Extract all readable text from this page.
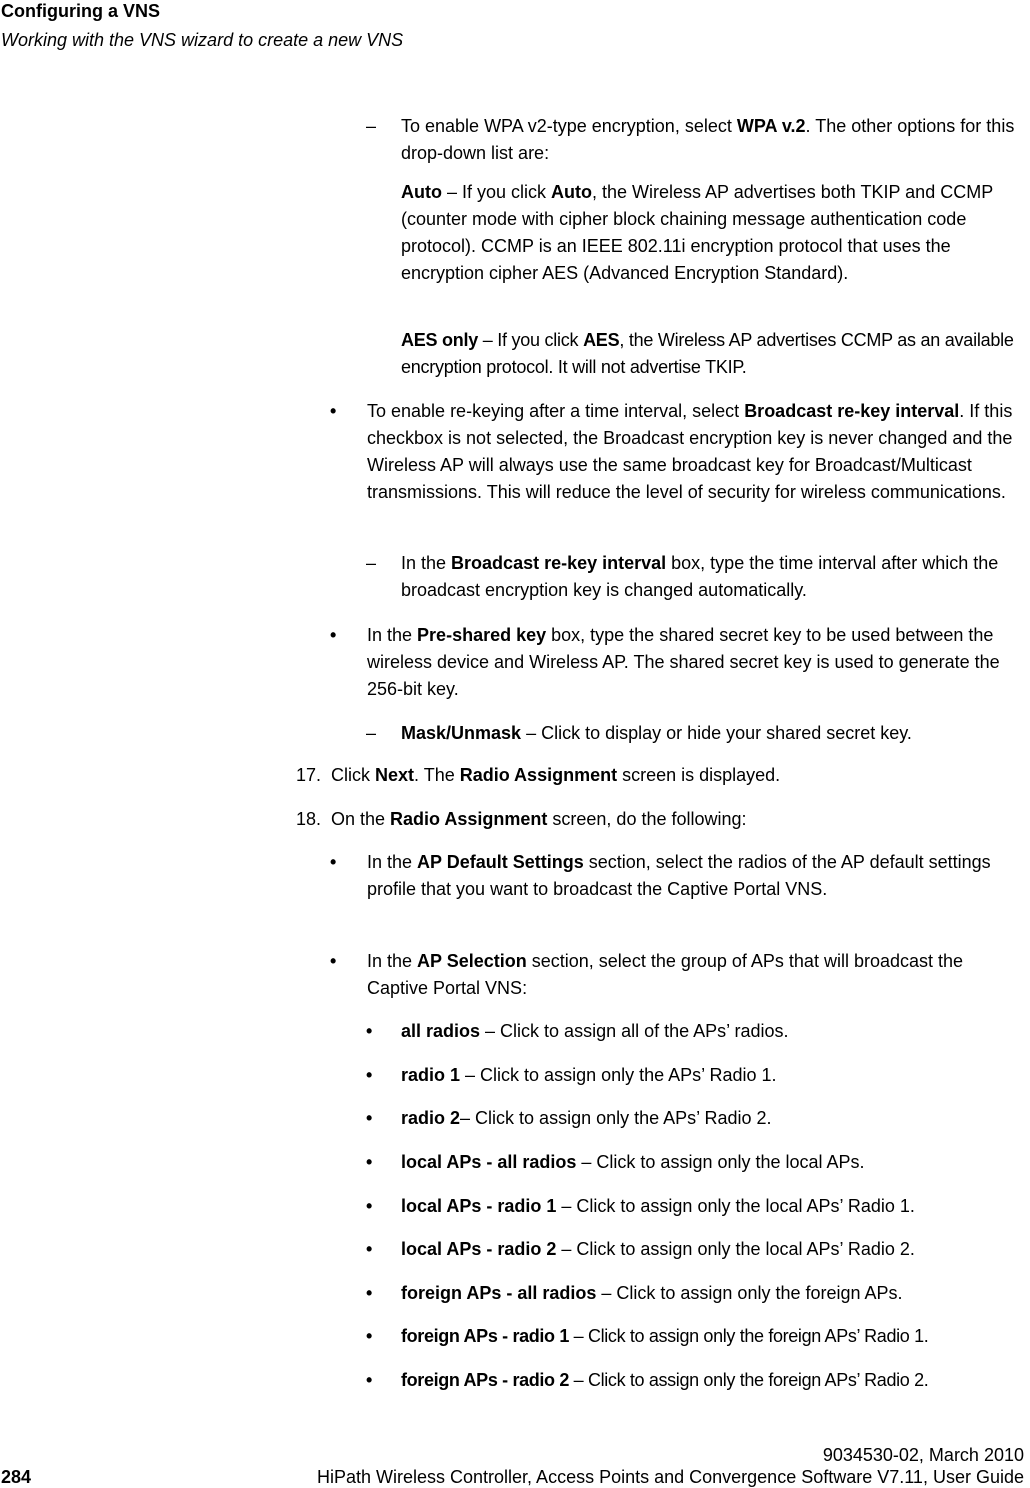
Configuring a VNS
Working with the VNS wizard to create a new VNS
– To enable WPA v2-type encryption, select WPA v.2. The other options for this drop-down list are:

Auto – If you click Auto, the Wireless AP advertises both TKIP and CCMP (counter mode with cipher block chaining message authentication code protocol). CCMP is an IEEE 802.11i encryption protocol that uses the encryption cipher AES (Advanced Encryption Standard).

AES only – If you click AES, the Wireless AP advertises CCMP as an available encryption protocol. It will not advertise TKIP.

• To enable re-keying after a time interval, select Broadcast re-key interval. If this checkbox is not selected, the Broadcast encryption key is never changed and the Wireless AP will always use the same broadcast key for Broadcast/Multicast transmissions. This will reduce the level of security for wireless communications.

– In the Broadcast re-key interval box, type the time interval after which the broadcast encryption key is changed automatically.

• In the Pre-shared key box, type the shared secret key to be used between the wireless device and Wireless AP. The shared secret key is used to generate the 256-bit key.

– Mask/Unmask – Click to display or hide your shared secret key.

17. Click Next. The Radio Assignment screen is displayed.

18. On the Radio Assignment screen, do the following:

• In the AP Default Settings section, select the radios of the AP default settings profile that you want to broadcast the Captive Portal VNS.

• In the AP Selection section, select the group of APs that will broadcast the Captive Portal VNS:

• all radios – Click to assign all of the APs’ radios.

• radio 1 – Click to assign only the APs’ Radio 1.

• radio 2– Click to assign only the APs’ Radio 2.

• local APs - all radios – Click to assign only the local APs.

• local APs - radio 1 – Click to assign only the local APs’ Radio 1.

• local APs - radio 2 – Click to assign only the local APs’ Radio 2.

• foreign APs - all radios – Click to assign only the foreign APs.

• foreign APs - radio 1 – Click to assign only the foreign APs’ Radio 1.

• foreign APs - radio 2 – Click to assign only the foreign APs’ Radio 2.

9034530-02, March 2010
284	HiPath Wireless Controller, Access Points and Convergence Software V7.11, User Guide
